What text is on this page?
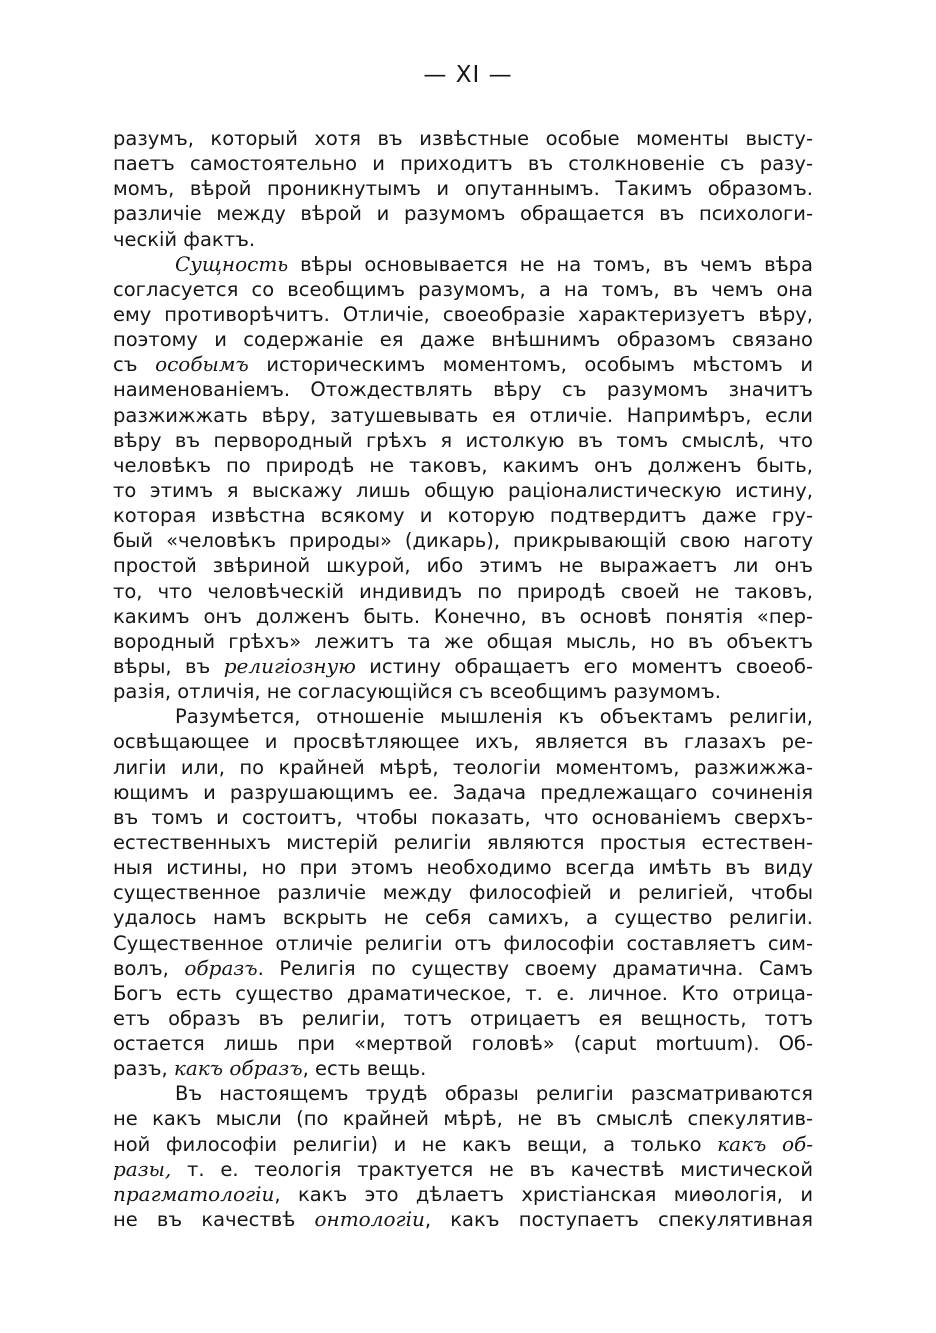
— XI —
разумъ, который хотя въ извѣстные особые моменты высту-
паетъ самостоятельно и приходитъ въ столкновеніе съ разу-
момъ, вѣрой проникнутымъ и опутаннымъ. Такимъ образомъ.
различіе между вѣрой и разумомъ обращается въ психологи-
ческій фактъ.
Сущность вѣры основывается не на томъ, въ чемъ вѣра
согласуется со всеобщимъ разумомъ, а на томъ, въ чемъ она
ему противорѣчитъ. Отличіе, своеобразіе характеризуетъ вѣру,
поэтому и содержаніе ея даже внѣшнимъ образомъ связано
съ особымъ историческимъ моментомъ, особымъ мѣстомъ и
наименованіемъ. Отождествлять вѣру съ разумомъ значитъ
разжижжать вѣру, затушевывать ея отличіе. Напримѣръ, если
вѣру въ первородный грѣхъ я истолкую въ томъ смыслѣ, что
человѣкъ по природѣ не таковъ, какимъ онъ долженъ быть,
то этимъ я выскажу лишь общую раціоналистическую истину,
которая извѣстна всякому и которую подтвердитъ даже гру-
бый «человѣкъ природы» (дикарь), прикрывающій свою наготу
простой звѣриной шкурой, ибо этимъ не выражаетъ ли онъ
то, что человѣческій индивидъ по природѣ своей не таковъ,
какимъ онъ долженъ быть. Конечно, въ основѣ понятія «пер-
вородный грѣхъ» лежитъ та же общая мысль, но въ объектъ
вѣры, въ религіозную истину обращаетъ его моментъ своеоб-
разія, отличія, не согласующійся съ всеобщимъ разумомъ.
Разумѣется, отношеніе мышленія къ объектамъ религіи,
освѣщающее и просвѣтляющее ихъ, является въ глазахъ ре-
лигіи или, по крайней мѣрѣ, теологіи моментомъ, разжижжа-
ющимъ и разрушающимъ ее. Задача предлежащаго сочиненія
въ томъ и состоитъ, чтобы показать, что основаніемъ сверхъ-
естественныхъ мистерій религіи являются простыя естествен-
ныя истины, но при этомъ необходимо всегда имѣть въ виду
существенное различіе между философіей и религіей, чтобы
удалось намъ вскрыть не себя самихъ, а существо религіи.
Существенное отличіе религіи отъ философіи составляетъ сим-
волъ, образъ. Религія по существу своему драматична. Самъ
Богъ есть существо драматическое, т. е. личное. Кто отрица-
етъ образъ въ религіи, тотъ отрицаетъ ея вещность, тотъ
остается лишь при «мертвой головѣ» (caput mortuum). Об-
разъ, какъ образъ, есть вещь.
Въ настоящемъ трудѣ образы религіи разсматриваются
не какъ мысли (по крайней мѣрѣ, не въ смыслѣ спекулятив-
ной философіи религіи) и не какъ вещи, а только какъ об-
разы, т. е. теологія трактуется не въ качествѣ мистической
прагматологіи, какъ это дѣлаетъ христіанская миѳологія, и
не въ качествѣ онтологіи, какъ поступаетъ спекулятивная
